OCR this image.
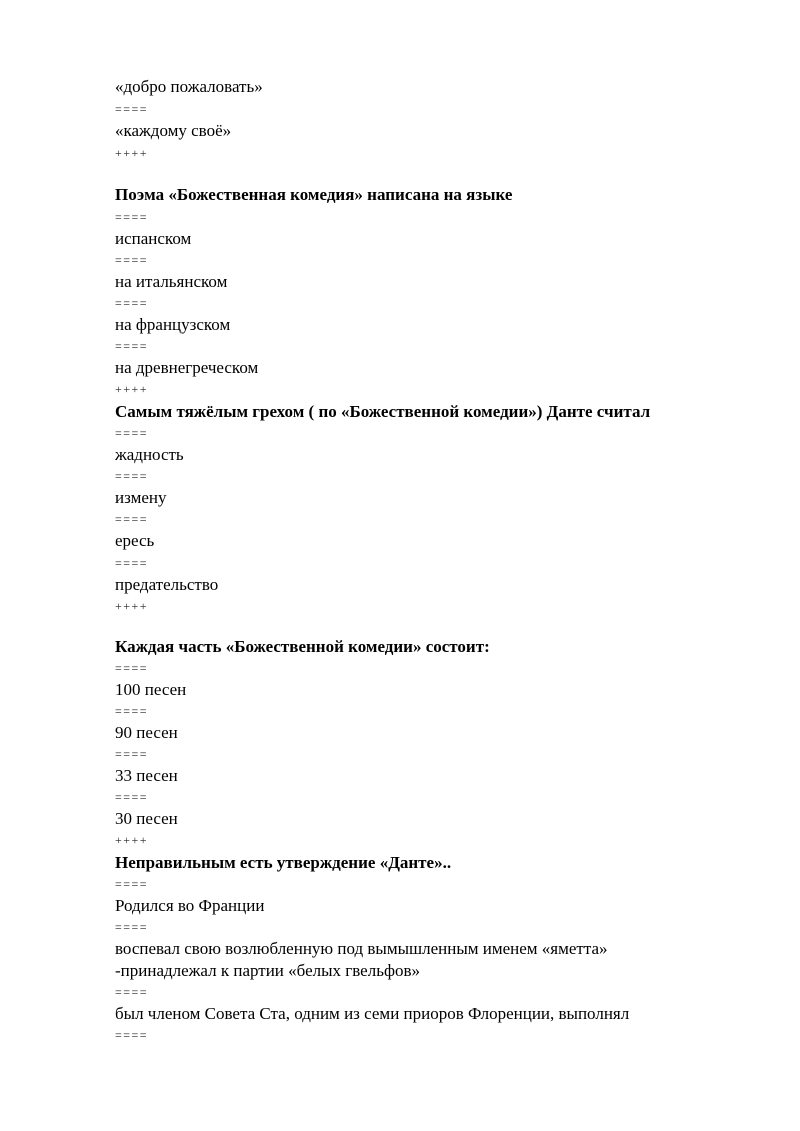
«добро пожаловать»
====
«каждому своё»
++++
Поэма «Божественная комедия» написана на языке
====
испанском
====
на итальянском
====
на французском
====
на древнегреческом
++++
Самым тяжёлым грехом ( по «Божественной комедии») Данте считал
====
жадность
====
измену
====
ересь
====
предательство
++++
Каждая часть «Божественной комедии» состоит:
====
100 песен
====
90 песен
====
33 песен
====
30 песен
++++
Неправильным есть утверждение «Данте»..
====
Родился во Франции
====
воспевал свою возлюбленную под вымышленным именем «яметта»
-принадлежал к партии «белых гвельфов»
====
был членом Совета Ста, одним из семи приоров Флоренции, выполнял
====
